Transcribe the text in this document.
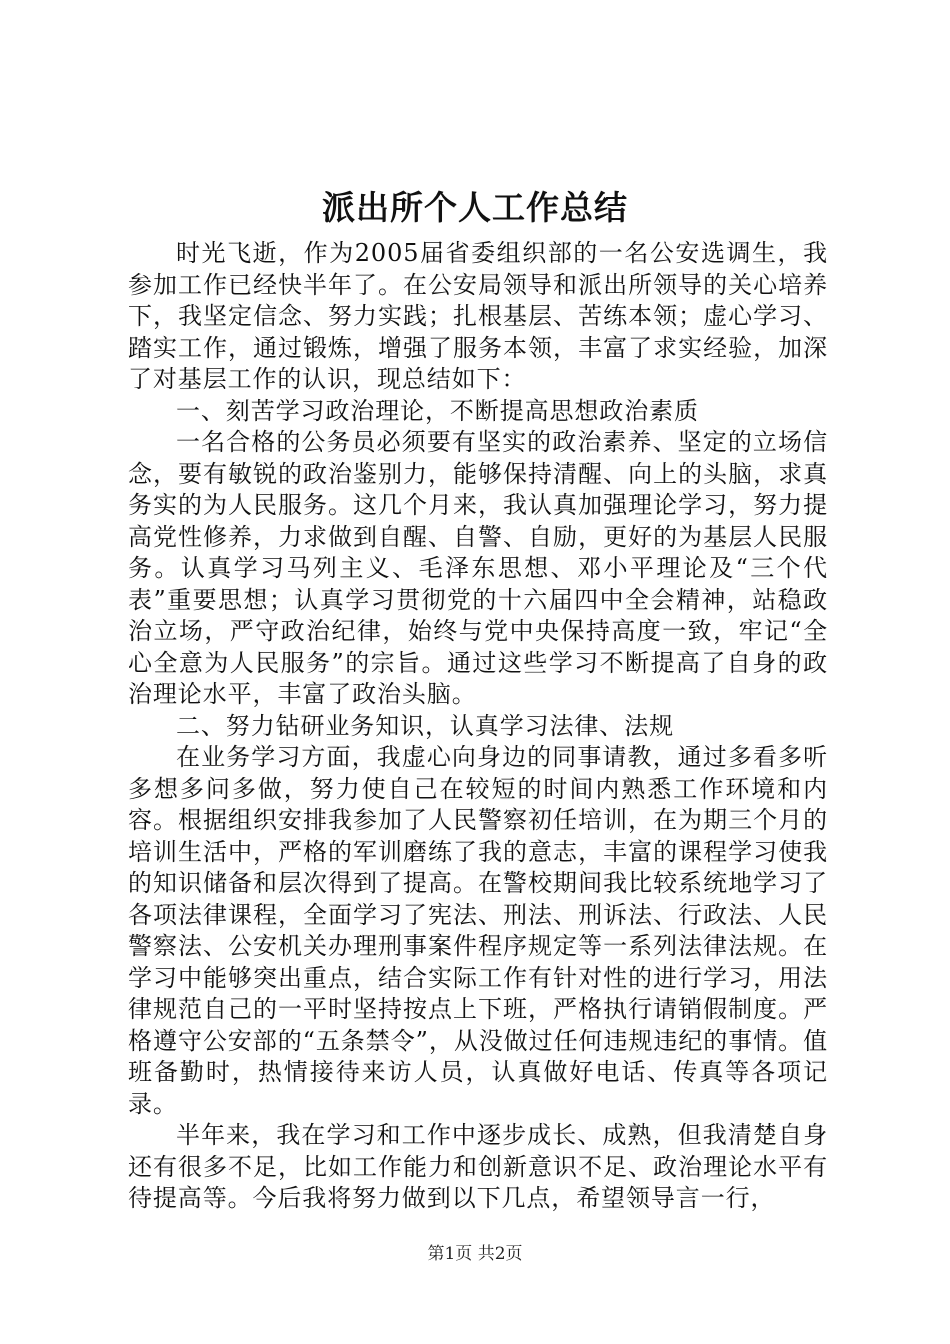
派出所个人工作总结

时光飞逝，作为2005届省委组织部的一名公安选调生，我参加工作已经快半年了。在公安局领导和派出所领导的关心培养下，我坚定信念、努力实践；扎根基层、苦练本领；虚心学习、踏实工作，通过锻炼，增强了服务本领，丰富了求实经验，加深了对基层工作的认识，现总结如下：

一、刻苦学习政治理论，不断提高思想政治素质

一名合格的公务员必须要有坚实的政治素养、坚定的立场信念，要有敏锐的政治鉴别力，能够保持清醒、向上的头脑，求真务实的为人民服务。这几个月来，我认真加强理论学习，努力提高党性修养，力求做到自醒、自警、自励，更好的为基层人民服务。认真学习马列主义、毛泽东思想、邓小平理论及“三个代表”重要思想；认真学习贯彻党的十六届四中全会精神，站稳政治立场，严守政治纪律，始终与党中央保持高度一致，牢记“全心全意为人民服务”的宗旨。通过这些学习不断提高了自身的政治理论水平，丰富了政治头脑。

二、努力钻研业务知识，认真学习法律、法规

在业务学习方面，我虚心向身边的同事请教，通过多看多听多想多问多做，努力使自己在较短的时间内熟悉工作环境和内容。根据组织安排我参加了人民警察初任培训，在为期三个月的培训生活中，严格的军训磨练了我的意志，丰富的课程学习使我的知识储备和层次得到了提高。在警校期间我比较系统地学习了各项法律课程，全面学习了宪法、刑法、刑诉法、行政法、人民警察法、公安机关办理刑事案件程序规定等一系列法律法规。在学习中能够突出重点，结合实际工作有针对性的进行学习，用法律规范自己的一平时坚持按点上下班，严格执行请销假制度。严格遵守公安部的“五条禁令”，从没做过任何违规违纪的事情。值班备勤时，热情接待来访人员，认真做好电话、传真等各项记录。

半年来，我在学习和工作中逐步成长、成熟，但我清楚自身还有很多不足，比如工作能力和创新意识不足、政治理论水平有待提高等。今后我将努力做到以下几点，希望领导言一行，

第1页 共2页
